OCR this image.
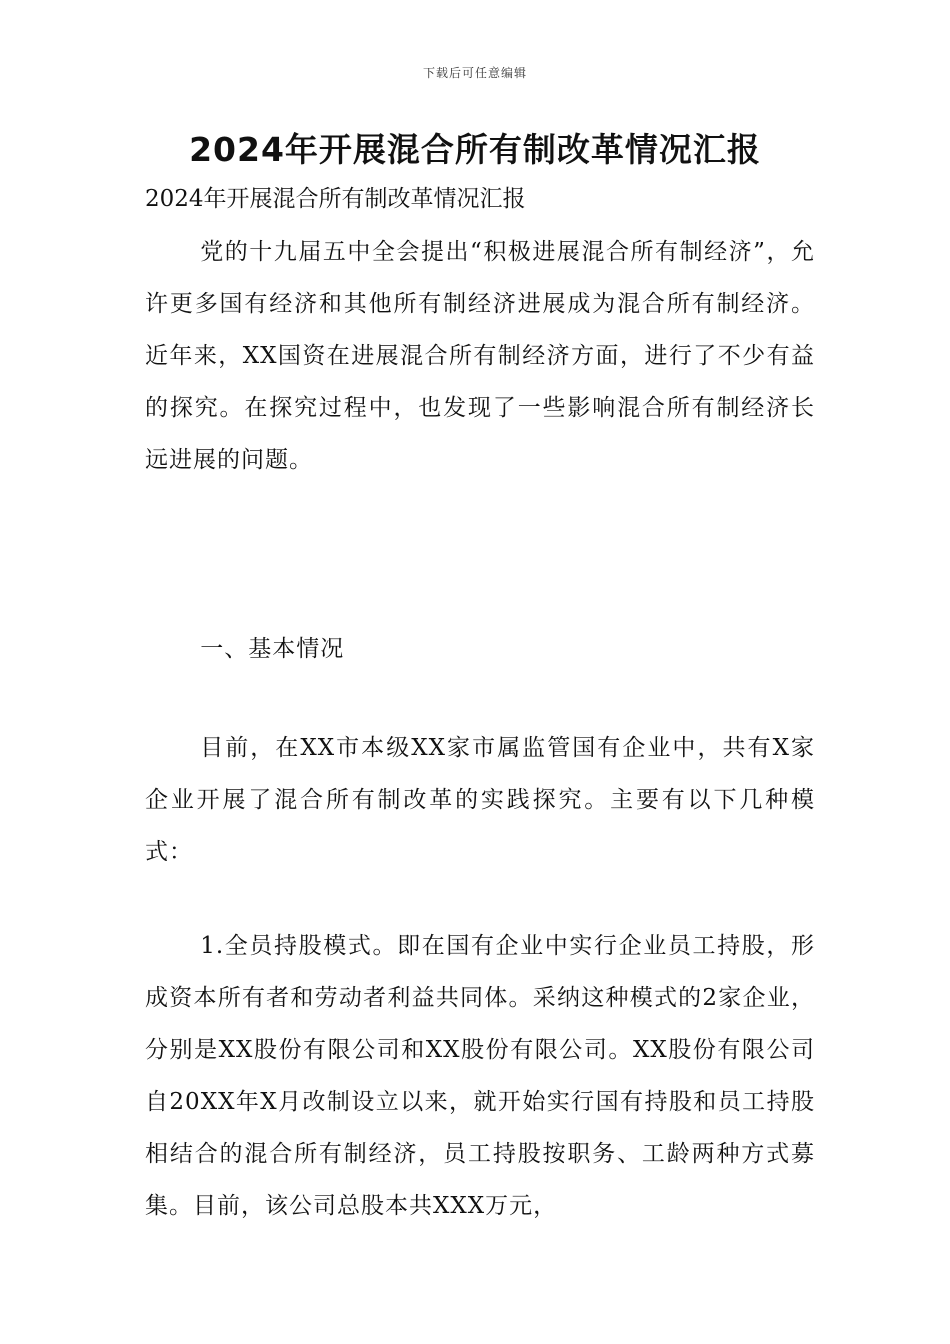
下载后可任意编辑
2024年开展混合所有制改革情况汇报

2024年开展混合所有制改革情况汇报

党的十九届五中全会提出“积极进展混合所有制经济”，允许更多国有经济和其他所有制经济进展成为混合所有制经济。近年来，XX国资在进展混合所有制经济方面，进行了不少有益的探究。在探究过程中，也发现了一些影响混合所有制经济长远进展的问题。

一、基本情况

目前，在XX市本级XX家市属监管国有企业中，共有X家企业开展了混合所有制改革的实践探究。主要有以下几种模式：

1.全员持股模式。即在国有企业中实行企业员工持股，形成资本所有者和劳动者利益共同体。采纳这种模式的2家企业，分别是XX股份有限公司和XX股份有限公司。XX股份有限公司自20XX年X月改制设立以来，就开始实行国有持股和员工持股相结合的混合所有制经济，员工持股按职务、工龄两种方式募集。目前，该公司总股本共XXX万元，
